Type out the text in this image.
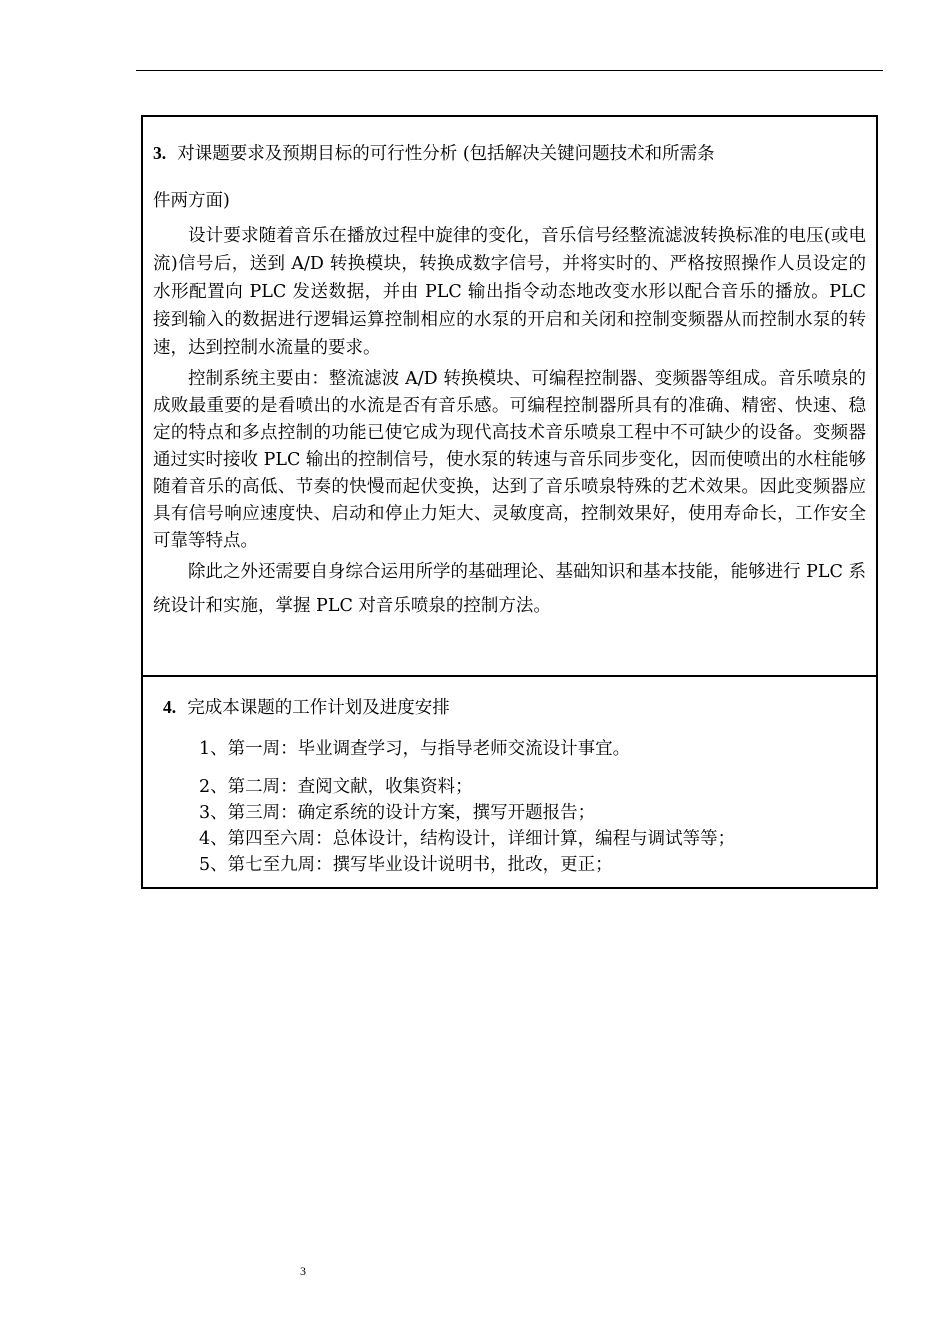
3. 对课题要求及预期目标的可行性分析 (包括解决关键问题技术和所需条

件两方面)

设计要求随着音乐在播放过程中旋律的变化，音乐信号经整流滤波转换标准的电压(或电流)信号后，送到 A/D 转换模块，转换成数字信号，并将实时的、严格按照操作人员设定的水形配置向 PLC 发送数据，并由 PLC 输出指令动态地改变水形以配合音乐的播放。PLC 接到输入的数据进行逻辑运算控制相应的水泵的开启和关闭和控制变频器从而控制水泵的转速，达到控制水流量的要求。

控制系统主要由：整流滤波 A/D 转换模块、可编程控制器、变频器等组成。音乐喷泉的成败最重要的是看喷出的水流是否有音乐感。可编程控制器所具有的准确、精密、快速、稳定的特点和多点控制的功能已使它成为现代高技术音乐喷泉工程中不可缺少的设备。变频器通过实时接收 PLC 输出的控制信号，使水泵的转速与音乐同步变化，因而使喷出的水柱能够随着音乐的高低、节奏的快慢而起伏变换，达到了音乐喷泉特殊的艺术效果。因此变频器应具有信号响应速度快、启动和停止力矩大、灵敏度高，控制效果好，使用寿命长，工作安全可靠等特点。

除此之外还需要自身综合运用所学的基础理论、基础知识和基本技能，能够进行 PLC 系统设计和实施，掌握 PLC 对音乐喷泉的控制方法。

4. 完成本课题的工作计划及进度安排

1、第一周：毕业调查学习，与指导老师交流设计事宜。

2、第二周：查阅文献，收集资料；

3、第三周：确定系统的设计方案，撰写开题报告；

4、第四至六周：总体设计，结构设计，详细计算，编程与调试等等；

5、第七至九周：撰写毕业设计说明书，批改，更正；

3
